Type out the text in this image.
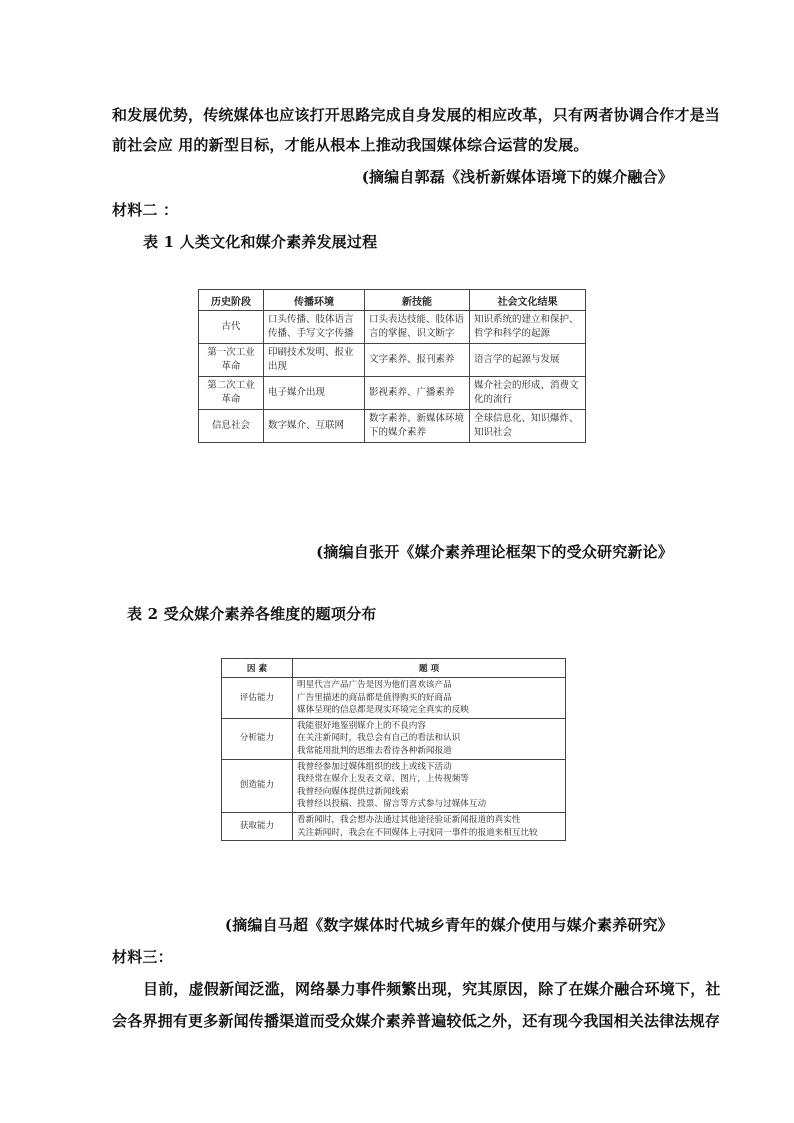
和发展优势，传统媒体也应该打开思路完成自身发展的相应改革，只有两者协调合作才是当
前社会应 用的新型目标，才能从根本上推动我国媒体综合运营的发展。
(摘编自郭磊《浅析新媒体语境下的媒介融合》
材料二 ：
表 1 人类文化和媒介素养发展过程
历史阶段	传播环境	新技能	社会文化结果
古代	口头传播、肢体语言传播、手写文字传播	口头表达技能、肢体语言的掌握、识文断字	知识系统的建立和保护、哲学和科学的起源
第一次工业革命	印刷技术发明、报业出现	文字素养、报刊素养	语言学的起源与发展
第二次工业革命	电子媒介出现	影视素养、广播素养	媒介社会的形成、消费文化的流行
信息社会	数字媒介、互联网	数字素养、新媒体环境下的媒介素养	全球信息化、知识爆炸、知识社会
(摘编自张开《媒介素养理论框架下的受众研究新论》
表 2 受众媒介素养各维度的题项分布
因 素	题 项
评估能力	明星代言产品广告是因为他们喜欢该产品
广告里描述的商品都是值得购买的好商品
媒体呈现的信息都是现实环境完全真实的反映

分析能力	我能很好地鉴别媒介上的不良内容
在关注新闻时，我总会有自己的看法和认识
我常能用批判的思维去看待各种新闻报道

创造能力	我曾经参加过媒体组织的线上或线下活动
我经常在媒介上发表文章、图片，上传视频等
我曾经向媒体提供过新闻线索
我曾经以投稿、投票、留言等方式参与过媒体互动

获取能力	看新闻时，我会想办法通过其他途径验证新闻报道的真实性
关注新闻时，我会在不同媒体上寻找同一事件的报道来相互比较
(摘编自马超《数字媒体时代城乡青年的媒介使用与媒介素养研究》
材料三：
目前，虚假新闻泛滥，网络暴力事件频繁出现，究其原因，除了在媒介融合环境下，社
会各界拥有更多新闻传播渠道而受众媒介素养普遍较低之外，还有现今我国相关法律法规存
